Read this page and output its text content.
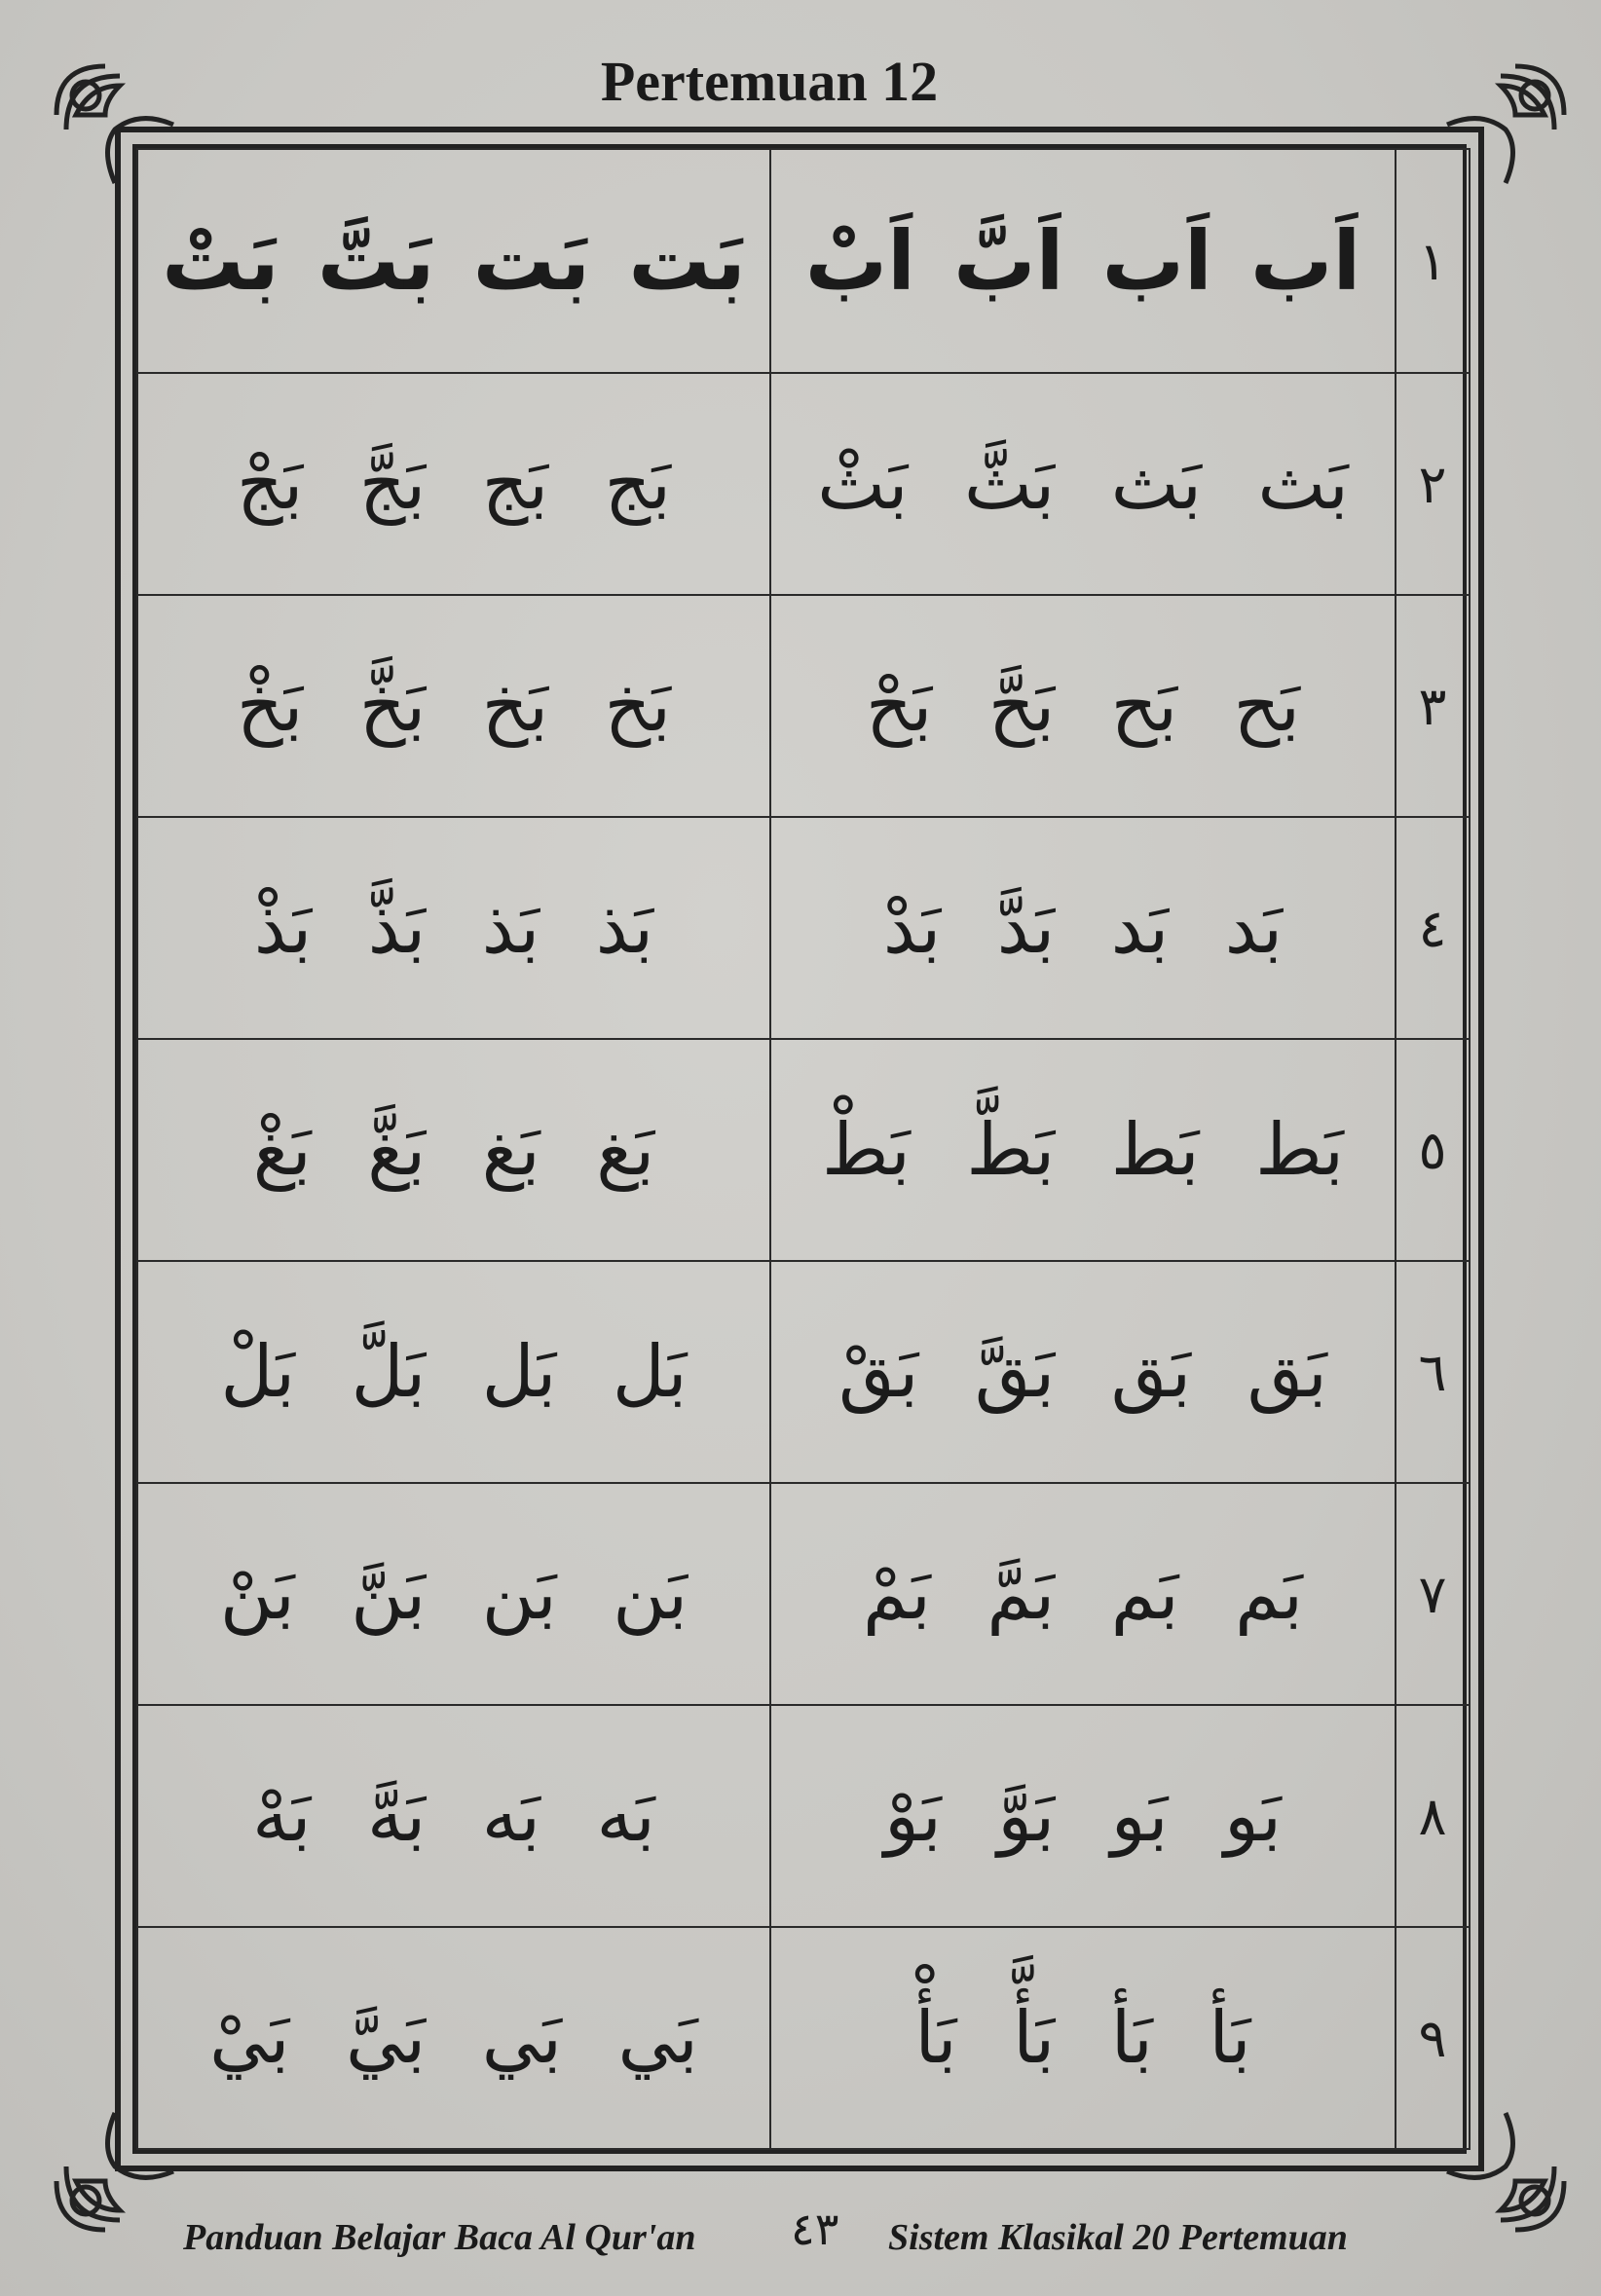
Pertemuan 12
بَت بَت بَتَّ بَتْ	اَب اَب اَبَّ اَبْ	١
بَج بَج بَجَّ بَجْ	بَث بَث بَثَّ بَثْ	٢
بَخ بَخ بَخَّ بَخْ	بَح بَح بَحَّ بَحْ	٣
بَذ بَذ بَذَّ بَذْ	بَد بَد بَدَّ بَدْ	٤
بَغ بَغ بَغَّ بَغْ	بَط بَط بَطَّ بَطْ	٥
بَل بَل بَلَّ بَلْ	بَق بَق بَقَّ بَقْ	٦
بَن بَن بَنَّ بَنْ	بَم بَم بَمَّ بَمْ	٧
بَه بَه بَهَّ بَهْ	بَو بَو بَوَّ بَوْ	٨
بَي بَي بَيَّ بَيْ	بَأ بَأ بَأَّ بَأْ	٩
Panduan Belajar Baca Al Qur'an ٤٣ Sistem Klasikal 20 Pertemuan
